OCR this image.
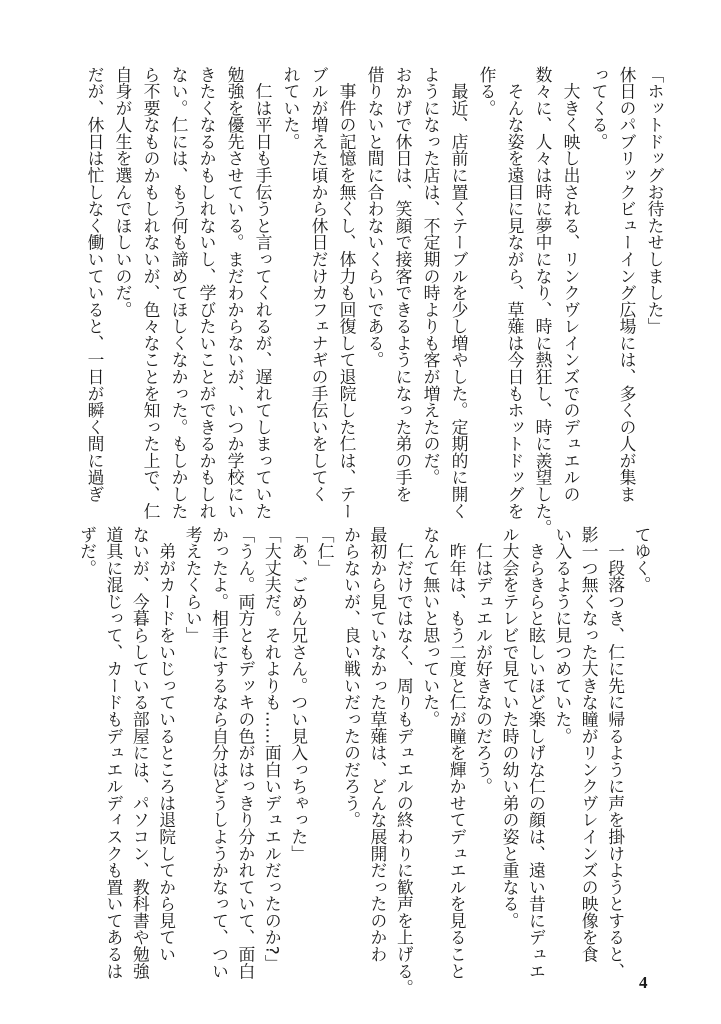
「ホットドッグお待たせしました」
休日のパブリックビューイング広場には、多くの人が集ま
ってくる。
　大きく映し出される、リンクヴレインズでのデュエルの
数々に、人々は時に夢中になり、時に熱狂し、時に羨望した。
　そんな姿を遠目に見ながら、草薙は今日もホットドッグを
作る。
　最近、店前に置くテーブルを少し増やした。定期的に開く
ようになった店は、不定期の時よりも客が増えたのだ。
おかげで休日は、笑顔で接客できるようになった弟の手を
借りないと間に合わないくらいである。
　事件の記憶を無くし、体力も回復して退院した仁は、テー
ブルが増えた頃から休日だけカフェナギの手伝いをしてく
れていた。
　仁は平日も手伝うと言ってくれるが、遅れてしまっていた
勉強を優先させている。まだわからないが、いつか学校にい
きたくなるかもしれないし、学びたいことができるかもしれ
ない。仁には、もう何も諦めてほしくなかった。もしかした
ら不要なものかもしれないが、色々なことを知った上で、仁
自身が人生を選んでほしいのだ。
だが、休日は忙しなく働いていると、一日が瞬く間に過ぎ
てゆく。
　一段落つき、仁に先に帰るように声を掛けようとすると、
影一つ無くなった大きな瞳がリンクヴレインズの映像を食
い入るように見つめていた。
　きらきらと眩しいほど楽しげな仁の顔は、遠い昔にデュエ
ル大会をテレビで見ていた時の幼い弟の姿と重なる。
　仁はデュエルが好きなのだろう。
　昨年は、もう二度と仁が瞳を輝かせてデュエルを見ること
なんて無いと思っていた。
　仁だけではなく、周りもデュエルの終わりに歓声を上げる。
最初から見ていなかった草薙は、どんな展開だったのかわ
からないが、良い戦いだったのだろう。
「仁」
「あ、ごめん兄さん。つい見入っちゃった」
「大丈夫だ。それよりも……面白いデュエルだったのか?」
「うん。両方ともデッキの色がはっきり分かれていて、面白
かったよ。相手にするなら自分はどうしようかなって、つい
考えたくらい」
　弟がカードをいじっているところは退院してから見てい
ないが、今暮らしている部屋には、パソコン、教科書や勉強
道具に混じって、カードもデュエルディスクも置いてあるは
ずだ。
4
